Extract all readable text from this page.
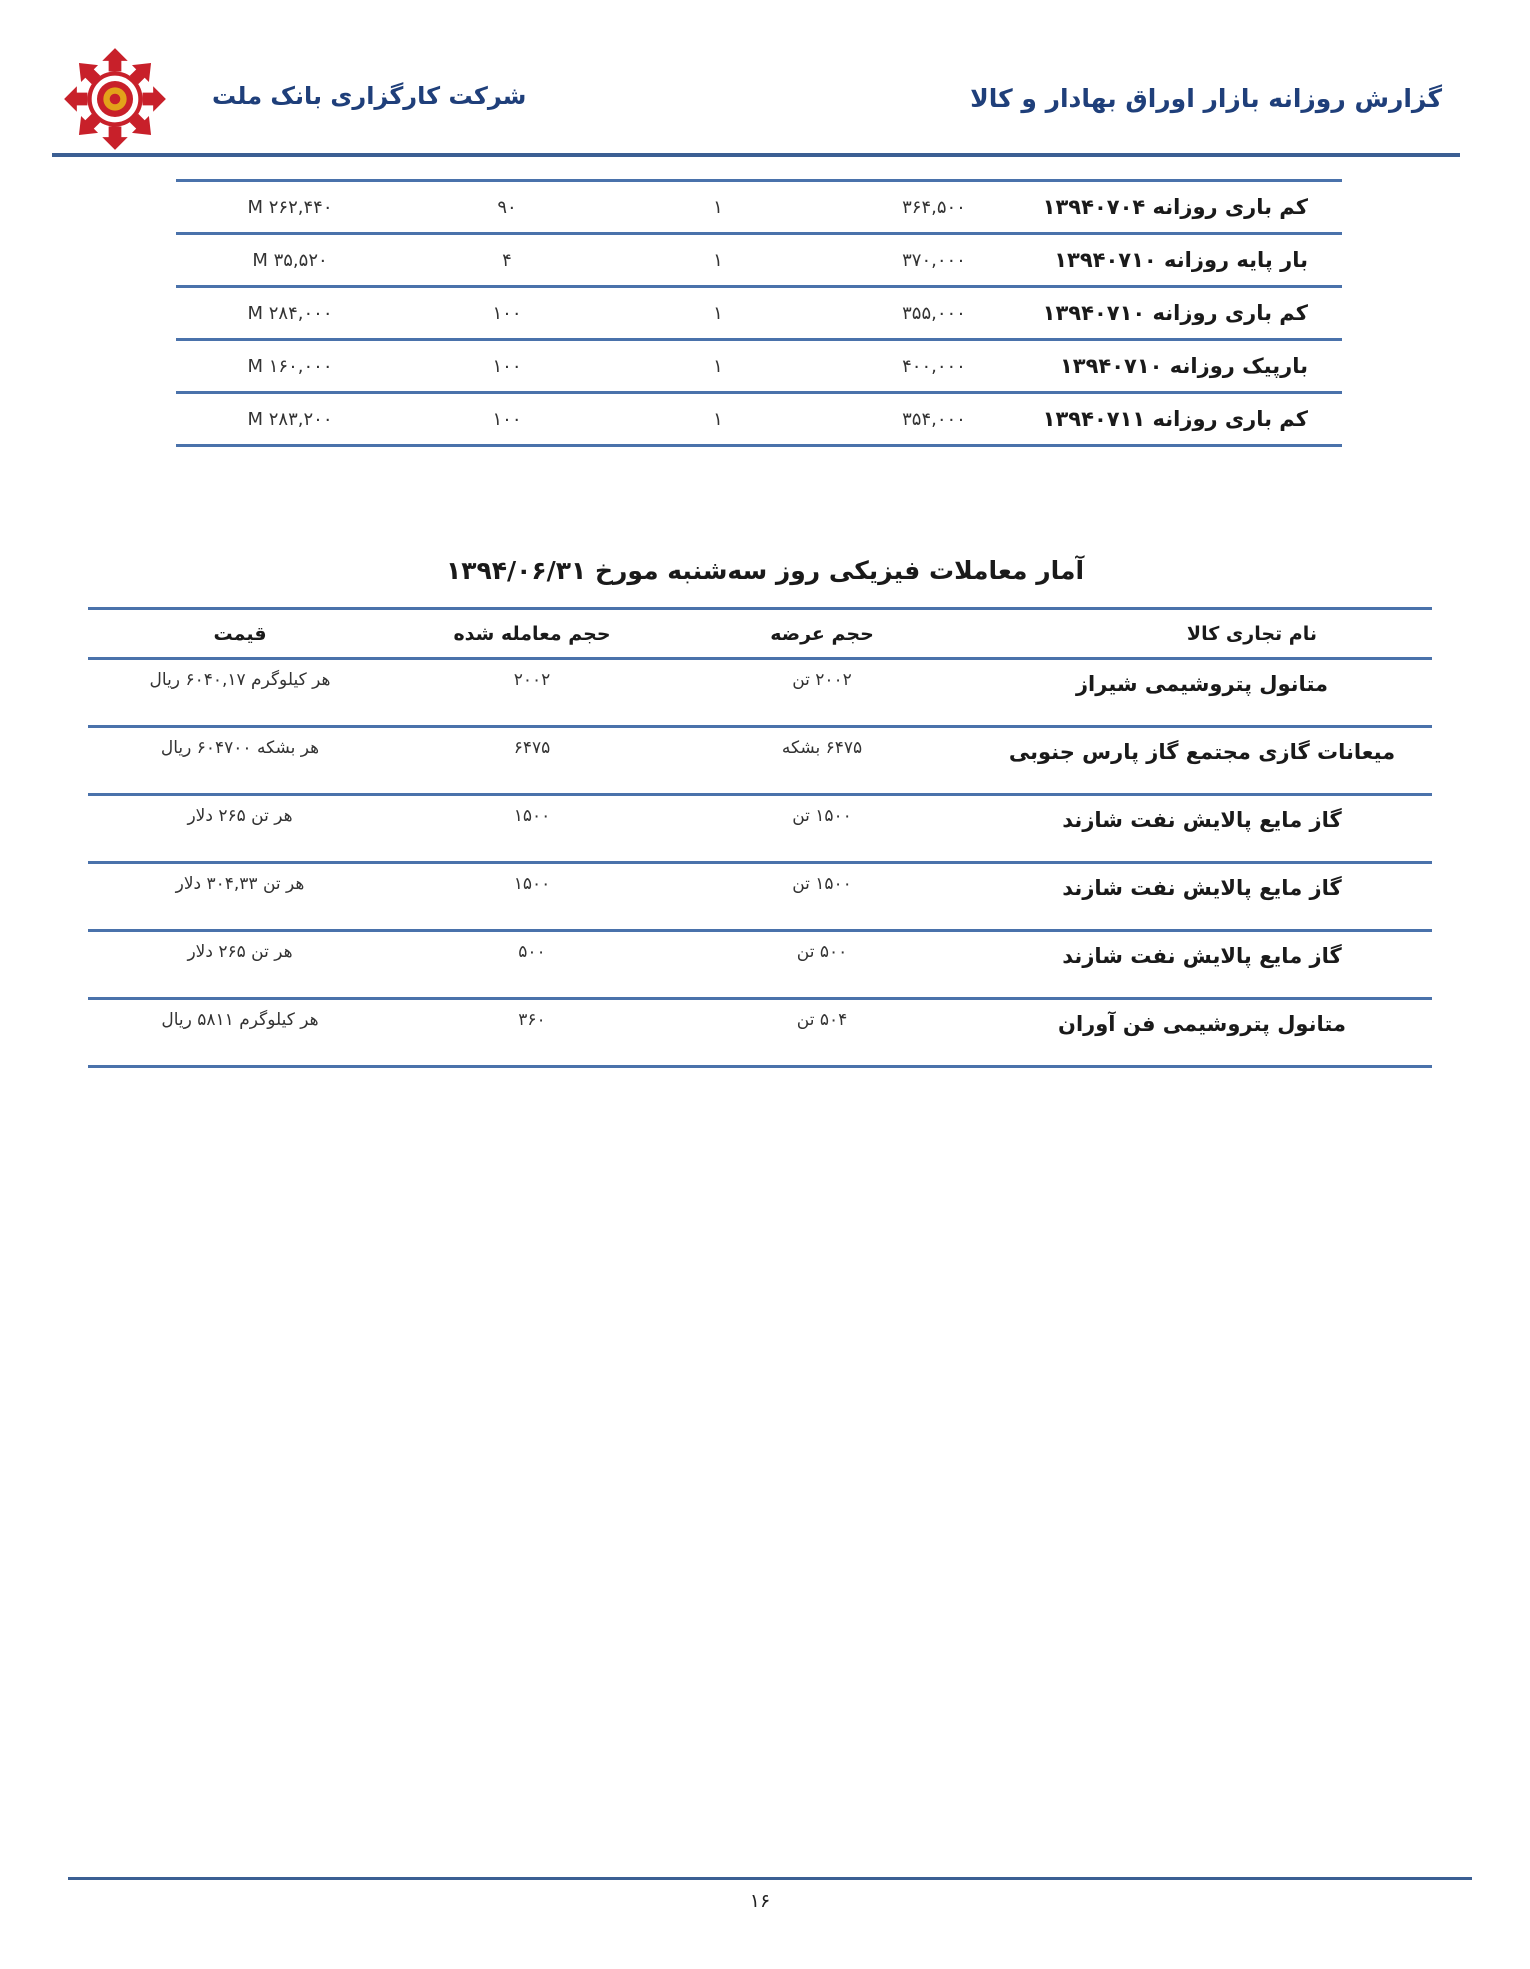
گزارش روزانه بازار اوراق بهادار و کالا
شرکت کارگزاری بانک ملت
کم باری روزانه ۱۳۹۴۰۷۰۴	۳۶۴,۵۰۰	۱	۹۰	۲۶۲,۴۴۰ M
بار پایه روزانه ۱۳۹۴۰۷۱۰	۳۷۰,۰۰۰	۱	۴	۳۵,۵۲۰ M
کم باری روزانه ۱۳۹۴۰۷۱۰	۳۵۵,۰۰۰	۱	۱۰۰	۲۸۴,۰۰۰ M
بارپیک روزانه ۱۳۹۴۰۷۱۰	۴۰۰,۰۰۰	۱	۱۰۰	۱۶۰,۰۰۰ M
کم باری روزانه ۱۳۹۴۰۷۱۱	۳۵۴,۰۰۰	۱	۱۰۰	۲۸۳,۲۰۰ M
آمار معاملات فیزیکی روز سه‌شنبه مورخ ۱۳۹۴/۰۶/۳۱
نام تجاری کالا	حجم عرضه	حجم معامله شده	قیمت
متانول پتروشیمی شیراز	۲۰۰۲ تن	۲۰۰۲	هر کیلوگرم ۶۰۴۰,۱۷ ریال
میعانات گازی مجتمع گاز پارس جنوبی	۶۴۷۵ بشکه	۶۴۷۵	هر بشکه ۶۰۴۷۰۰ ریال
گاز مایع پالایش نفت شازند	۱۵۰۰ تن	۱۵۰۰	هر تن ۲۶۵ دلار
گاز مایع پالایش نفت شازند	۱۵۰۰ تن	۱۵۰۰	هر تن ۳۰۴,۳۳ دلار
گاز مایع پالایش نفت شازند	۵۰۰ تن	۵۰۰	هر تن ۲۶۵ دلار
متانول پتروشیمی فن آوران	۵۰۴ تن	۳۶۰	هر کیلوگرم ۵۸۱۱ ریال
۱۶
